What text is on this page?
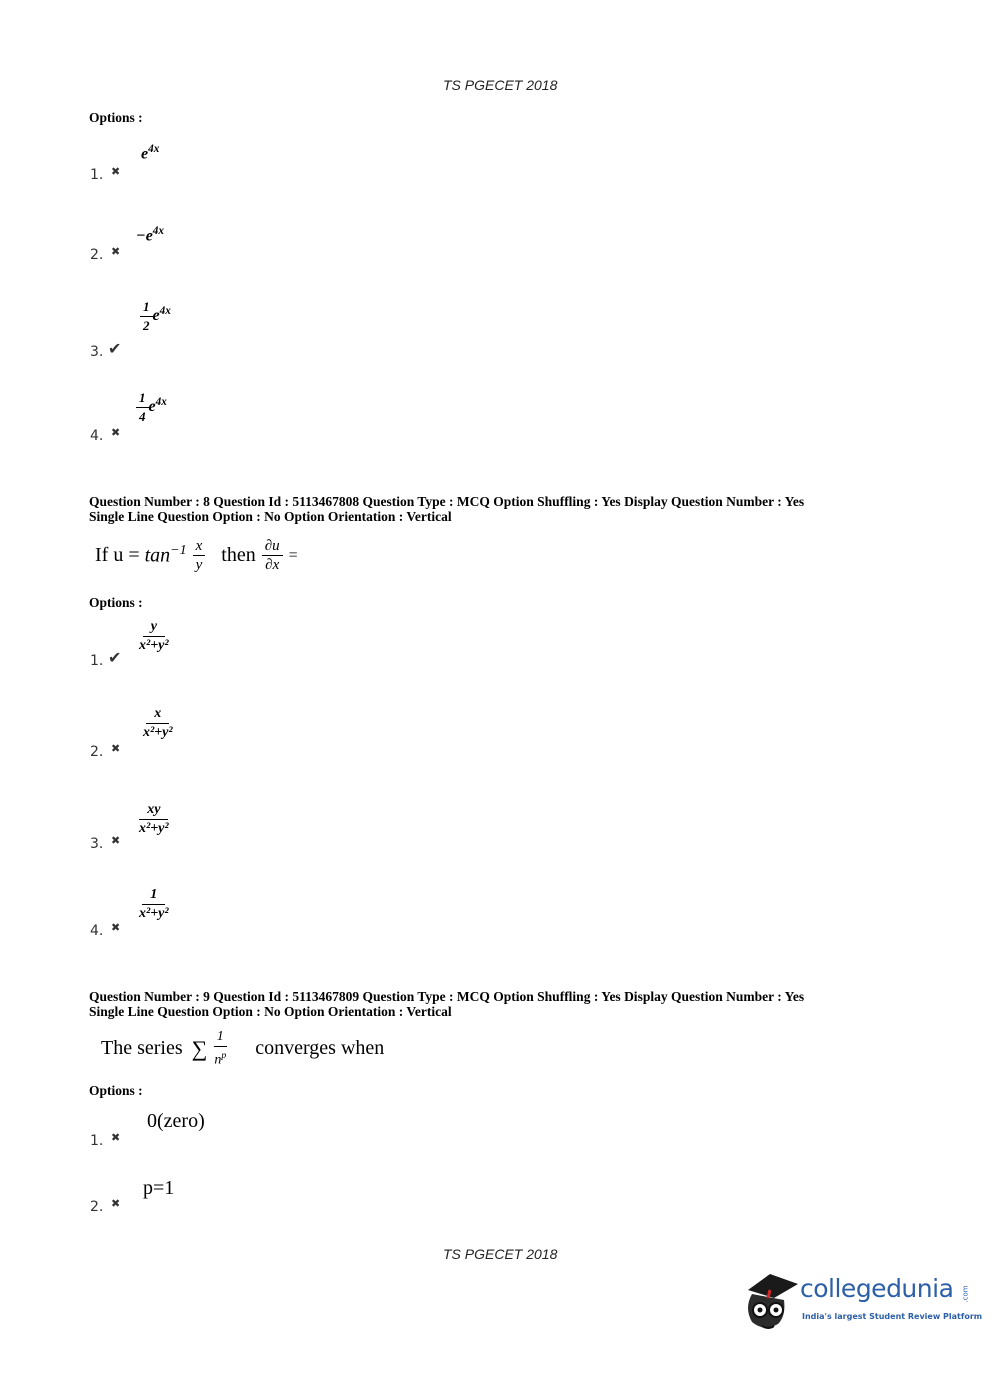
TS PGECET 2018
Options :
$e^{4x}$
1. ✖
$-e^{4x}$
2. ✖
$\frac{1}{2} e^{4x}$
3. ✔
$\frac{1}{4} e^{4x}$
4. ✖
Question Number : 8 Question Id : 5113467808 Question Type : MCQ Option Shuffling : Yes Display Question Number : Yes
Single Line Question Option : No Option Orientation : Vertical
If $u = \tan^{-1} \frac{x}{y}$ then $\frac{\partial u}{\partial x}$ =
Options :
$\frac{y}{\text{x²+y²}}$
1. ✔
$\frac{x}{\text{x²+y²}}$
2. ✖
$\frac{xy}{\text{x²+y²}}$
3. ✖
$\frac{1}{\text{x²+y²}}$
4. ✖
Question Number : 9 Question Id : 5113467809 Question Type : MCQ Option Shuffling : Yes Display Question Number : Yes
Single Line Question Option : No Option Orientation : Vertical
The series ∑ $\frac{1}{n^p}$ converges when
Options :
0(zero)
1. ✖
p=1
2. ✖
TS PGECET 2018
collegedunia .com
India's largest Student Review Platform
